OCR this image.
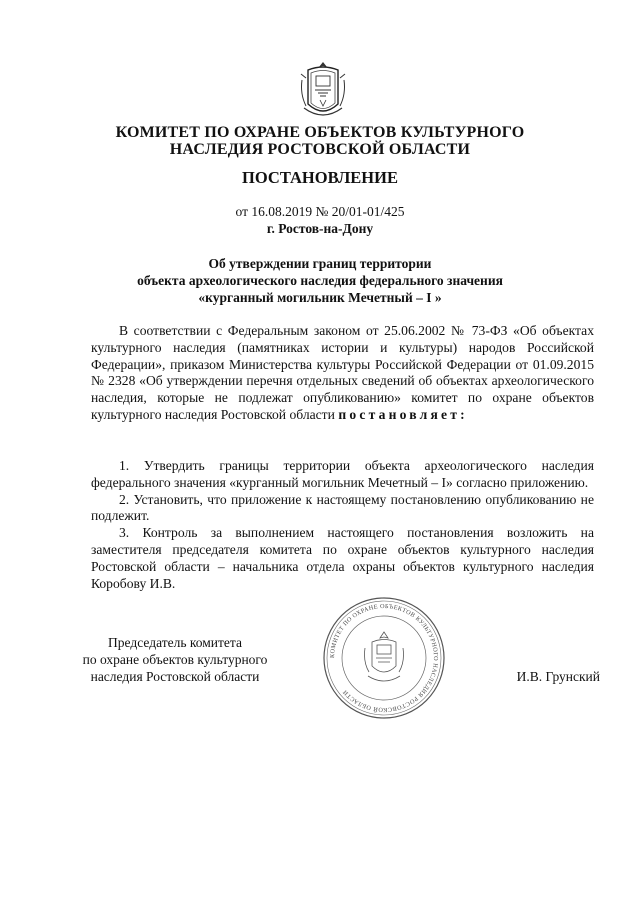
КОМИТЕТ ПО ОХРАНЕ ОБЪЕКТОВ КУЛЬТУРНОГО
НАСЛЕДИЯ РОСТОВСКОЙ ОБЛАСТИ
ПОСТАНОВЛЕНИЕ
от 16.08.2019 № 20/01-01/425
г. Ростов-на-Дону
Об утверждении границ территории
объекта археологического наследия федерального значения
«курганный могильник Мечетный – I »
В соответствии с Федеральным законом от 25.06.2002 № 73-ФЗ «Об объектах культурного наследия (памятниках истории и культуры) народов Российской Федерации», приказом Министерства культуры Российской Федерации от 01.09.2015 № 2328 «Об утверждении перечня отдельных сведений об объектах археологического наследия, которые не подлежат опубликованию» комитет по охране объектов культурного наследия Ростовской области постановляет:

1. Утвердить границы территории объекта археологического наследия федерального значения «курганный могильник Мечетный – I» согласно приложению.

2. Установить, что приложение к настоящему постановлению опубликованию не подлежит.

3. Контроль за выполнением настоящего постановления возложить на заместителя председателя комитета по охране объектов культурного наследия Ростовской области – начальника отдела охраны объектов культурного наследия Коробову И.В.

Председатель комитета
по охране объектов культурного
наследия Ростовской области
КОМИТЕТ ПО ОХРАНЕ ОБЪЕКТОВ КУЛЬТУРНОГО НАСЛЕДИЯ РОСТОВСКОЙ ОБЛАСТИ
И.В. Грунский
